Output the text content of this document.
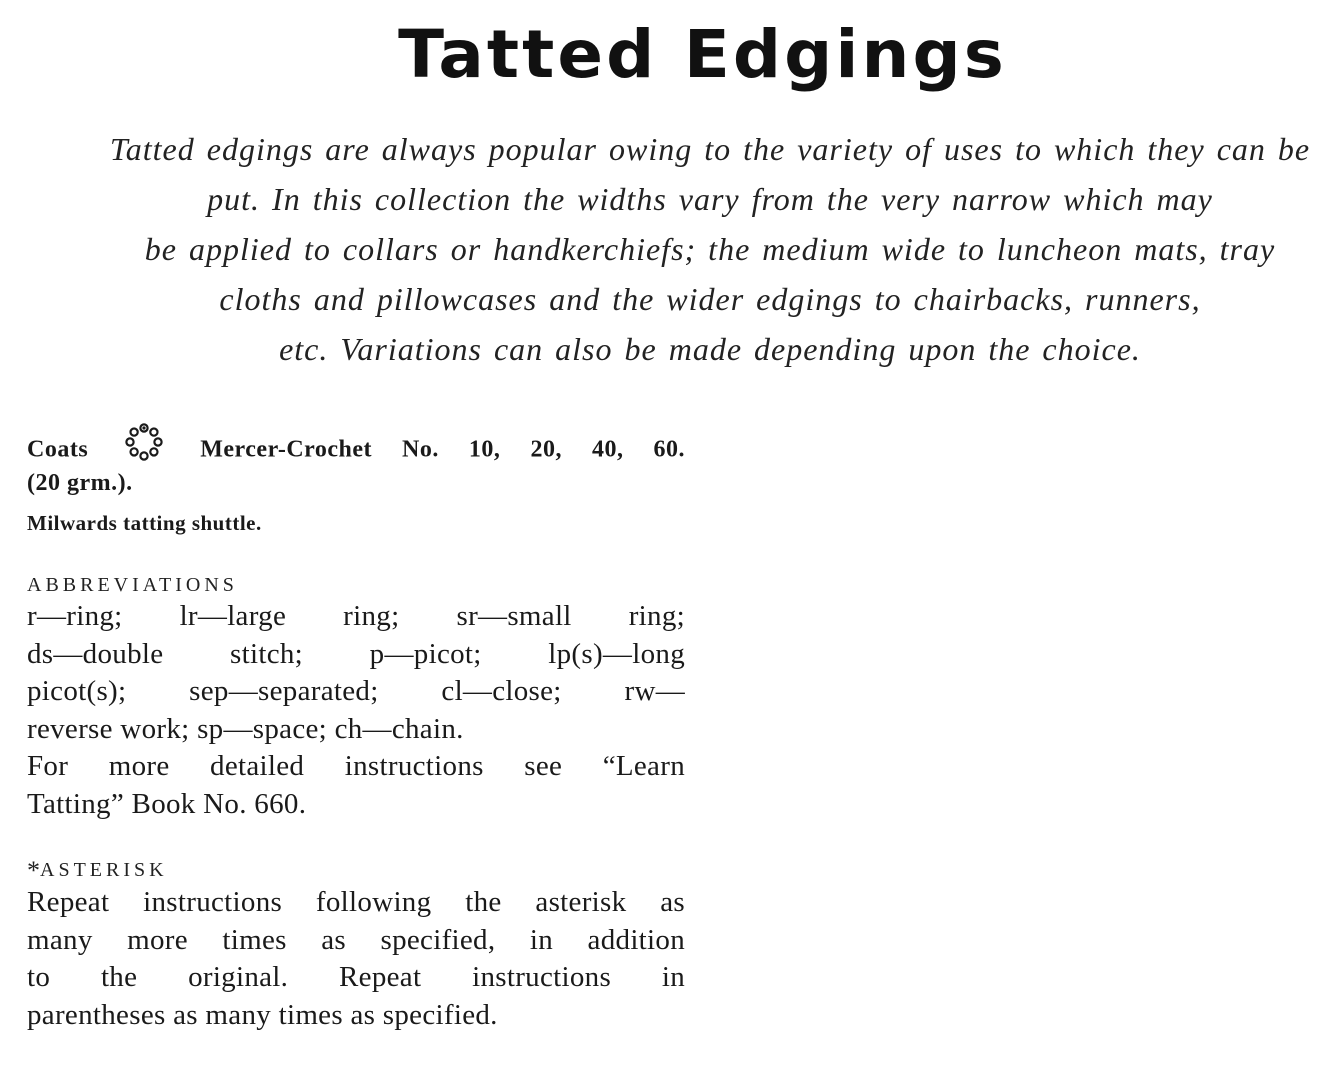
Tatted Edgings
Tatted edgings are always popular owing to the variety of uses to which they can be
put. In this collection the widths vary from the very narrow which may
be applied to collars or handkerchiefs; the medium wide to luncheon mats, tray
cloths and pillowcases and the wider edgings to chairbacks, runners,
etc. Variations can also be made depending upon the choice.
Coats	Mercer-Crochet No. 10, 20, 40, 60.
(20 grm.).
Milwards tatting shuttle.
ABBREVIATIONS
r—ring; lr—large ring; sr—small ring;
ds—double stitch; p—picot; lp(s)—long
picot(s); sep—separated; cl—close; rw—
reverse work; sp—space; ch—chain.
For more detailed instructions see “Learn
Tatting” Book No. 660.
*ASTERISK
Repeat instructions following the asterisk as
many more times as specified, in addition
to the original. Repeat instructions in
parentheses as many times as specified.
